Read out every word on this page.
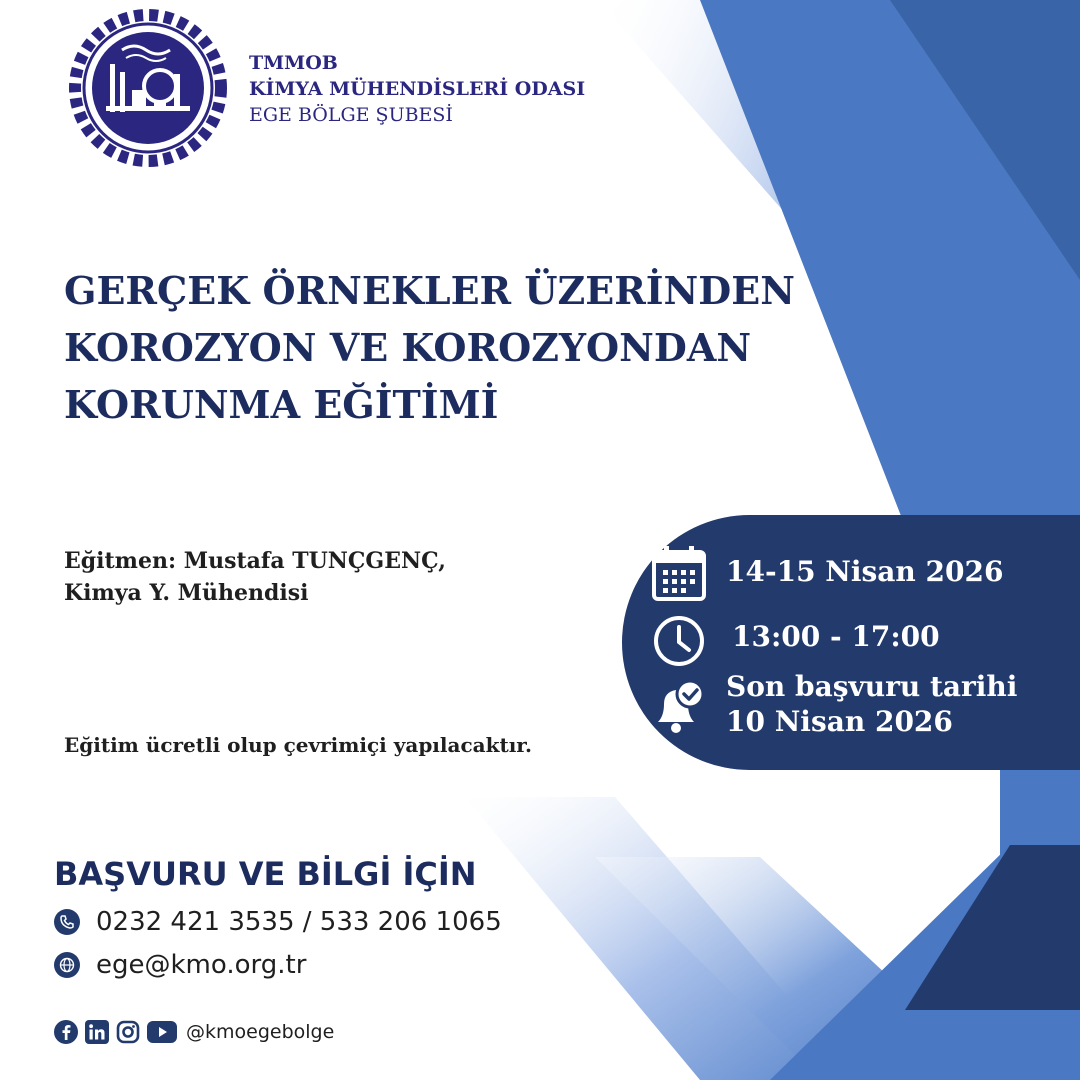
TMMOB
KİMYA MÜHENDİSLERİ ODASI
EGE BÖLGE ŞUBESİ
GERÇEK ÖRNEKLER ÜZERİNDEN
KOROZYON VE KOROZYONDAN
KORUNMA EĞİTİMİ
Eğitmen: Mustafa TUNÇGENÇ,
Kimya Y. Mühendisi
Eğitim ücretli olup çevrimiçi yapılacaktır.
14-15 Nisan 2026
13:00 - 17:00
Son başvuru tarihi
10 Nisan 2026
BAŞVURU VE BİLGİ İÇİN
0232 421 3535 / 533 206 1065
ege@kmo.org.tr
@kmoegebolge
